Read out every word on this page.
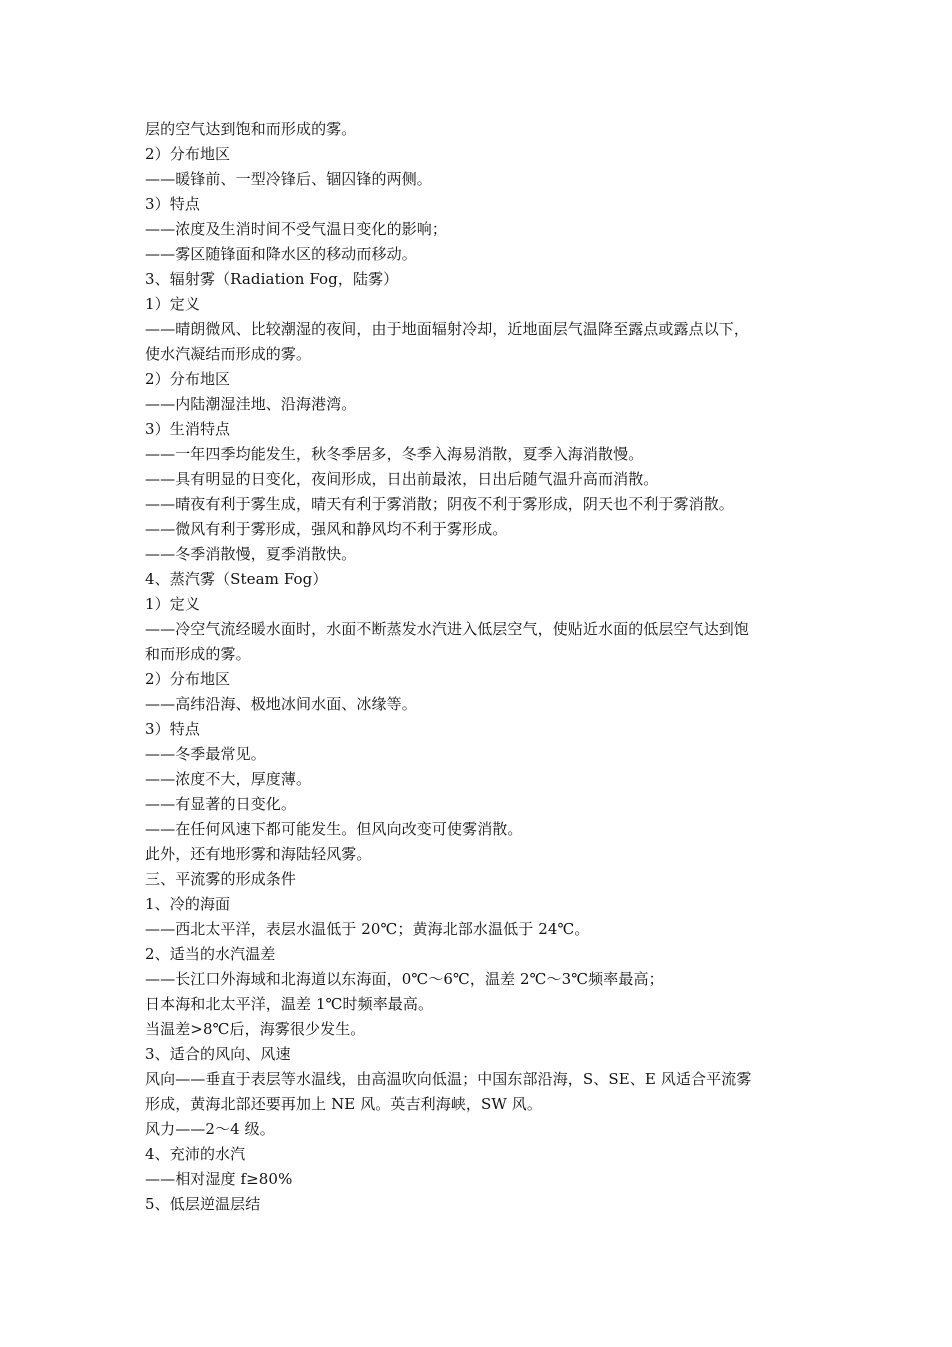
层的空气达到饱和而形成的雾。
2）分布地区
——暖锋前、一型冷锋后、锢囚锋的两侧。
3）特点
——浓度及生消时间不受气温日变化的影响；
——雾区随锋面和降水区的移动而移动。
3、辐射雾（Radiation Fog，陆雾）
1）定义
——晴朗微风、比较潮湿的夜间，由于地面辐射冷却，近地面层气温降至露点或露点以下，
使水汽凝结而形成的雾。
2）分布地区
——内陆潮湿洼地、沿海港湾。
3）生消特点
——一年四季均能发生，秋冬季居多，冬季入海易消散，夏季入海消散慢。
——具有明显的日变化，夜间形成，日出前最浓，日出后随气温升高而消散。
——晴夜有利于雾生成，晴天有利于雾消散；阴夜不利于雾形成，阴天也不利于雾消散。
——微风有利于雾形成，强风和静风均不利于雾形成。
——冬季消散慢，夏季消散快。
4、蒸汽雾（Steam Fog）
1）定义
——冷空气流经暖水面时，水面不断蒸发水汽进入低层空气，使贴近水面的低层空气达到饱
和而形成的雾。
2）分布地区
——高纬沿海、极地冰间水面、冰缘等。
3）特点
——冬季最常见。
——浓度不大，厚度薄。
——有显著的日变化。
——在任何风速下都可能发生。但风向改变可使雾消散。
此外，还有地形雾和海陆轻风雾。
三、平流雾的形成条件
1、冷的海面
——西北太平洋，表层水温低于 20℃；黄海北部水温低于 24℃。
2、适当的水汽温差
——长江口外海域和北海道以东海面，0℃～6℃，温差 2℃～3℃频率最高；
日本海和北太平洋，温差 1℃时频率最高。
当温差>8℃后，海雾很少发生。
3、适合的风向、风速
风向——垂直于表层等水温线，由高温吹向低温；中国东部沿海，S、SE、E 风适合平流雾
形成，黄海北部还要再加上 NE 风。英吉利海峡，SW 风。
风力——2～4 级。
4、充沛的水汽
——相对湿度 f≥80%
5、低层逆温层结
